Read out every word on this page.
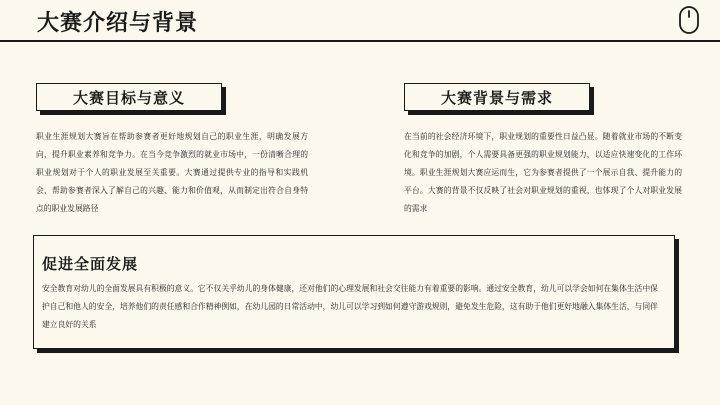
大赛介绍与背景
大赛目标与意义

职业生涯规划大赛旨在帮助参赛者更好地规划自己的职业生涯，明确发展方向，提升职业素养和竞争力。在当今竞争激烈的就业市场中，一份清晰合理的职业规划对于个人的职业发展至关重要。大赛通过提供专业的指导和实践机会，帮助参赛者深入了解自己的兴趣、能力和价值观，从而制定出符合自身特点的职业发展路径

大赛背景与需求

在当前的社会经济环境下，职业规划的重要性日益凸显。随着就业市场的不断变化和竞争的加剧，个人需要具备更强的职业规划能力，以适应快速变化的工作环境。职业生涯规划大赛应运而生，它为参赛者提供了一个展示自我、提升能力的平台。大赛的背景不仅反映了社会对职业规划的重视，也体现了个人对职业发展的需求

促进全面发展

安全教育对幼儿的全面发展具有积极的意义。它不仅关乎幼儿的身体健康，还对他们的心理发展和社会交往能力有着重要的影响。通过安全教育，幼儿可以学会如何在集体生活中保护自己和他人的安全，培养他们的责任感和合作精神例如，在幼儿园的日常活动中，幼儿可以学习到如何遵守游戏规则，避免发生危险，这有助于他们更好地融入集体生活，与同伴建立良好的关系
